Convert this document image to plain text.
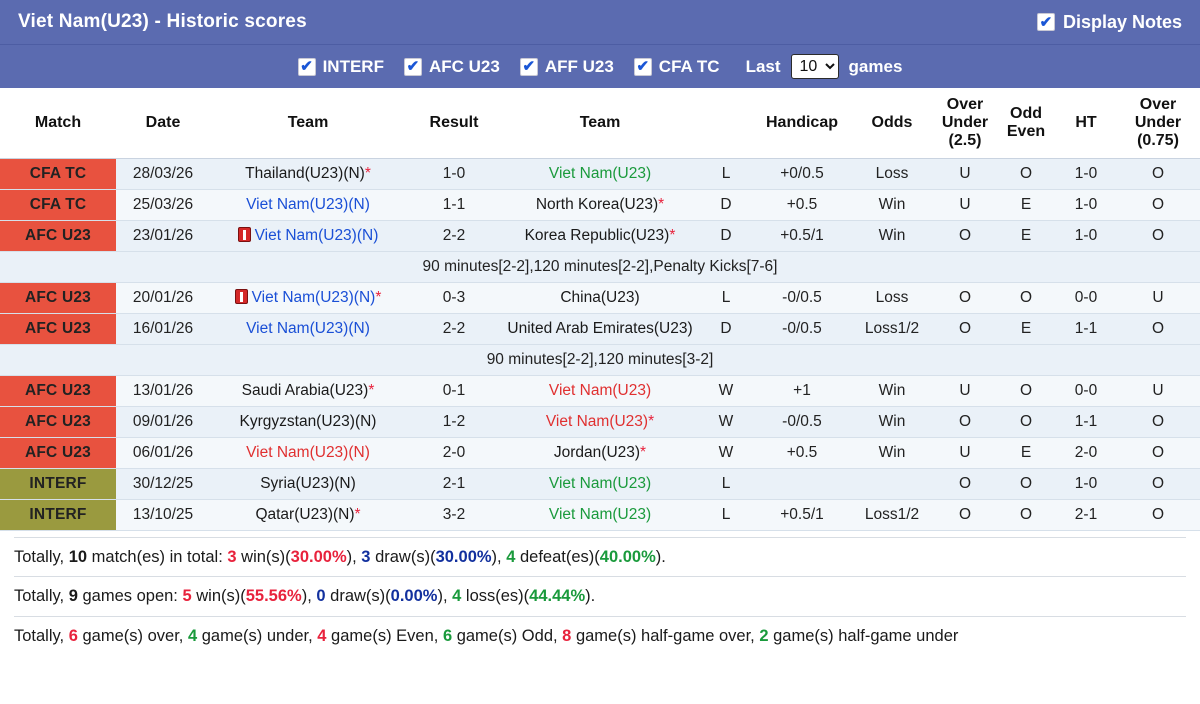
Viet Nam(U23) - Historic scores	✔ Display Notes
✔ INTERF ✔ AFC U23 ✔ AFF U23 ✔ CFA TC Last
10	games
Match	Date	Team	Result	Team		Handicap	Odds	
Over
Under
(2.5)

Odd
Even
	HT	
Over
Under
(0.75)

CFA TC	28/03/26	Thailand(U23)(N)*	1-0	Viet Nam(U23)	L	+0/0.5	Loss	U	O	1-0	O
CFA TC	25/03/26	Viet Nam(U23)(N)	1-1	North Korea(U23)*	D	+0.5	Win	U	E	1-0	O
AFC U23	23/01/26	Viet Nam(U23)(N)	2-2	Korea Republic(U23)*	D	+0.5/1	Win	O	E	1-0	O
90 minutes[2-2],120 minutes[2-2],Penalty Kicks[7-6]											
AFC U23	20/01/26	Viet Nam(U23)(N)*	0-3	China(U23)	L	-0/0.5	Loss	O	O	0-0	U
AFC U23	16/01/26	Viet Nam(U23)(N)	2-2	United Arab Emirates(U23)	D	-0/0.5	Loss1/2	O	E	1-1	O
90 minutes[2-2],120 minutes[3-2]											
AFC U23	13/01/26	Saudi Arabia(U23)*	0-1	Viet Nam(U23)	W	+1	Win	U	O	0-0	U
AFC U23	09/01/26	Kyrgyzstan(U23)(N)	1-2	Viet Nam(U23)*	W	-0/0.5	Win	O	O	1-1	O
AFC U23	06/01/26	Viet Nam(U23)(N)	2-0	Jordan(U23)*	W	+0.5	Win	U	E	2-0	O
INTERF	30/12/25	Syria(U23)(N)	2-1	Viet Nam(U23)	L			O	O	1-0	O
INTERF	13/10/25	Qatar(U23)(N)*	3-2	Viet Nam(U23)	L	+0.5/1	Loss1/2	O	O	2-1	O

Totally, 10 match(es) in total: 3 win(s)(30.00%), 3 draw(s)(30.00%), 4 defeat(es)(40.00%).

Totally, 9 games open: 5 win(s)(55.56%), 0 draw(s)(0.00%), 4 loss(es)(44.44%).

Totally, 6 game(s) over, 4 game(s) under, 4 game(s) Even, 6 game(s) Odd, 8 game(s) half-game over, 2 game(s) half-game under
